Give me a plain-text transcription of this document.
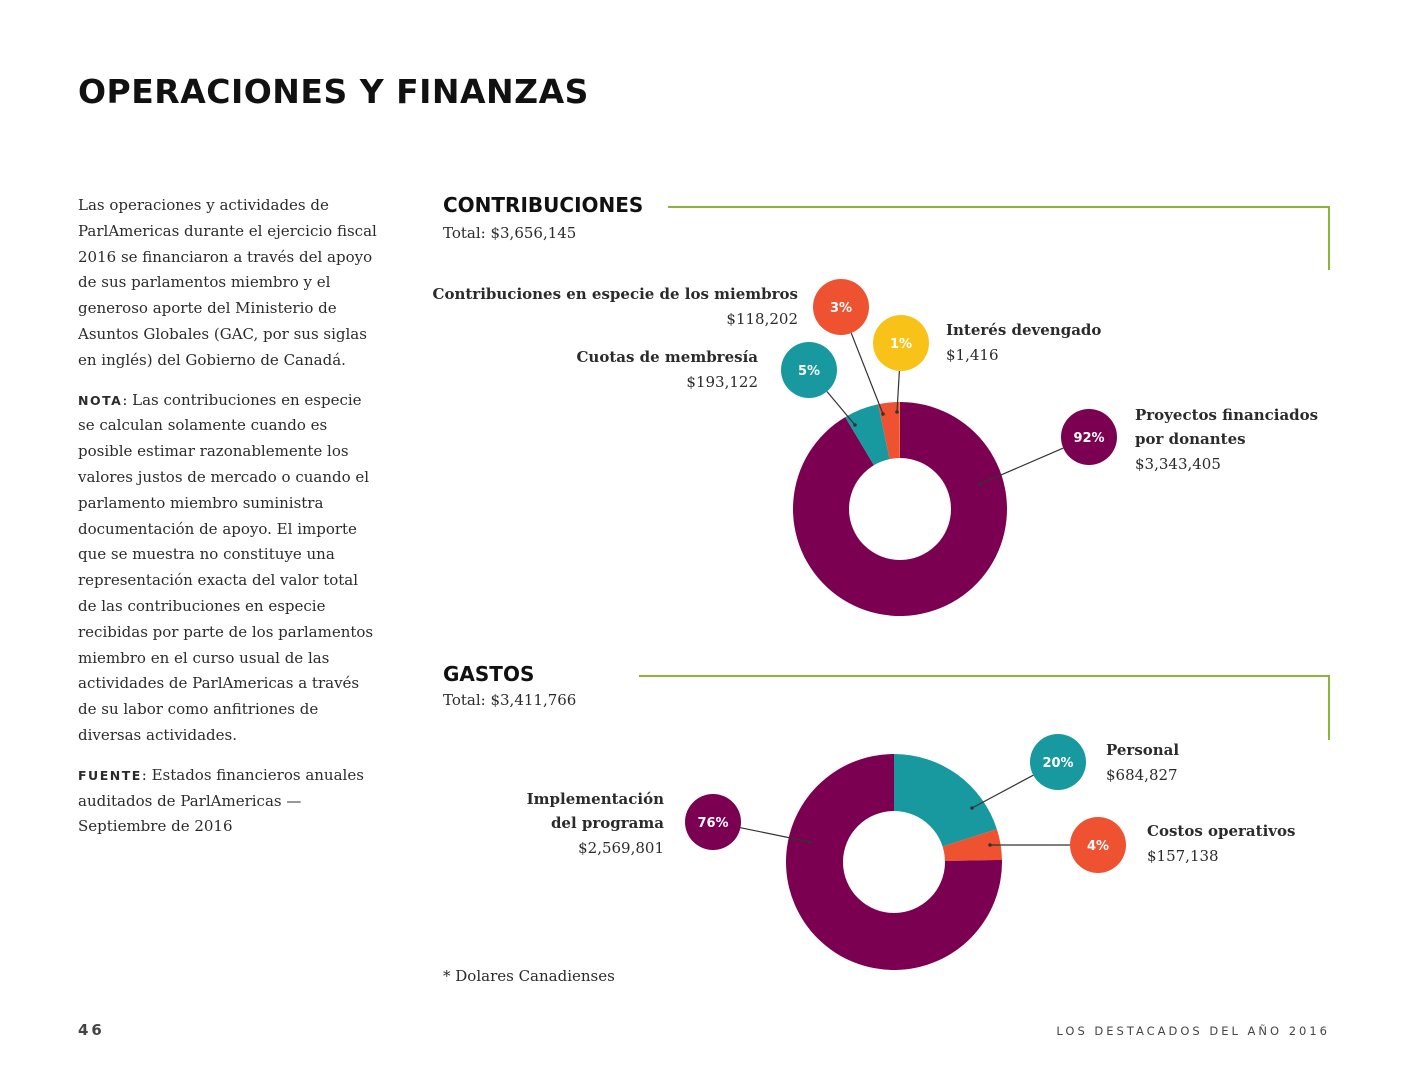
OPERACIONES Y FINANZAS

Las operaciones y actividades de ParlAmericas durante el ejercicio fiscal 2016 se financiaron a través del apoyo de sus parlamentos miembro y el generoso aporte del Ministerio de Asuntos Globales (GAC, por sus siglas en inglés) del Gobierno de Canadá.

NOTA: Las contribuciones en especie se calculan solamente cuando es posible estimar razonablemente los valores justos de mercado o cuando el parlamento miembro suministra documentación de apoyo. El importe que se muestra no constituye una representación exacta del valor total de las contribuciones en especie recibidas por parte de los parlamentos miembro en el curso usual de las actividades de ParlAmericas a través de su labor como anfitriones de diversas actividades.

FUENTE: Estados financieros anuales auditados de ParlAmericas — Septiembre de 2016

CONTRIBUCIONES
Total: $3,656,145
GASTOS
Total: $3,411,766
92%
Proyectos financiados
por donantes
$3,343,405
5%
Cuotas de membresía
$193,122
3%
Contribuciones en especie de los miembros
$118,202
1%
Interés devengado
$1,416
20%
Personal
$684,827
4%
Costos operativos
$157,138
76%
Implementación
del programa
$2,569,801
* Dolares Canadienses
46	LOS DESTACADOS DEL AÑO 2016
